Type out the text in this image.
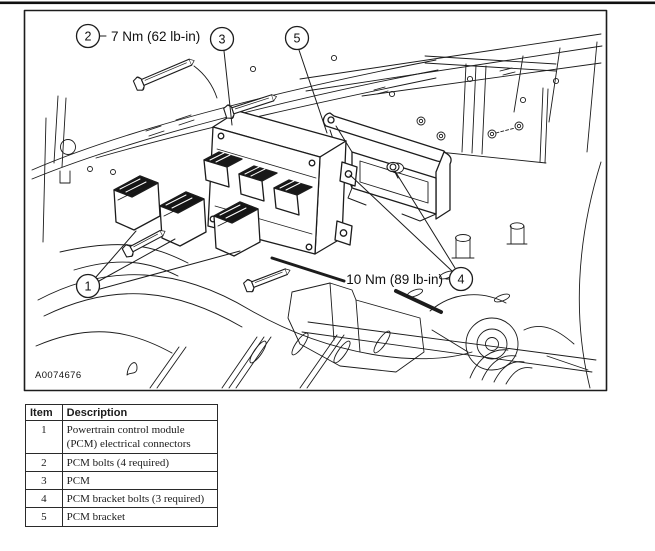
2	3	5
1	4
7 Nm (62 lb-in)
10 Nm (89 lb-in)
A0074676
Item	Description
1	Powertrain control module (PCM) electrical connectors
2	PCM bolts (4 required)
3	PCM
4	PCM bracket bolts (3 required)
5	PCM bracket
